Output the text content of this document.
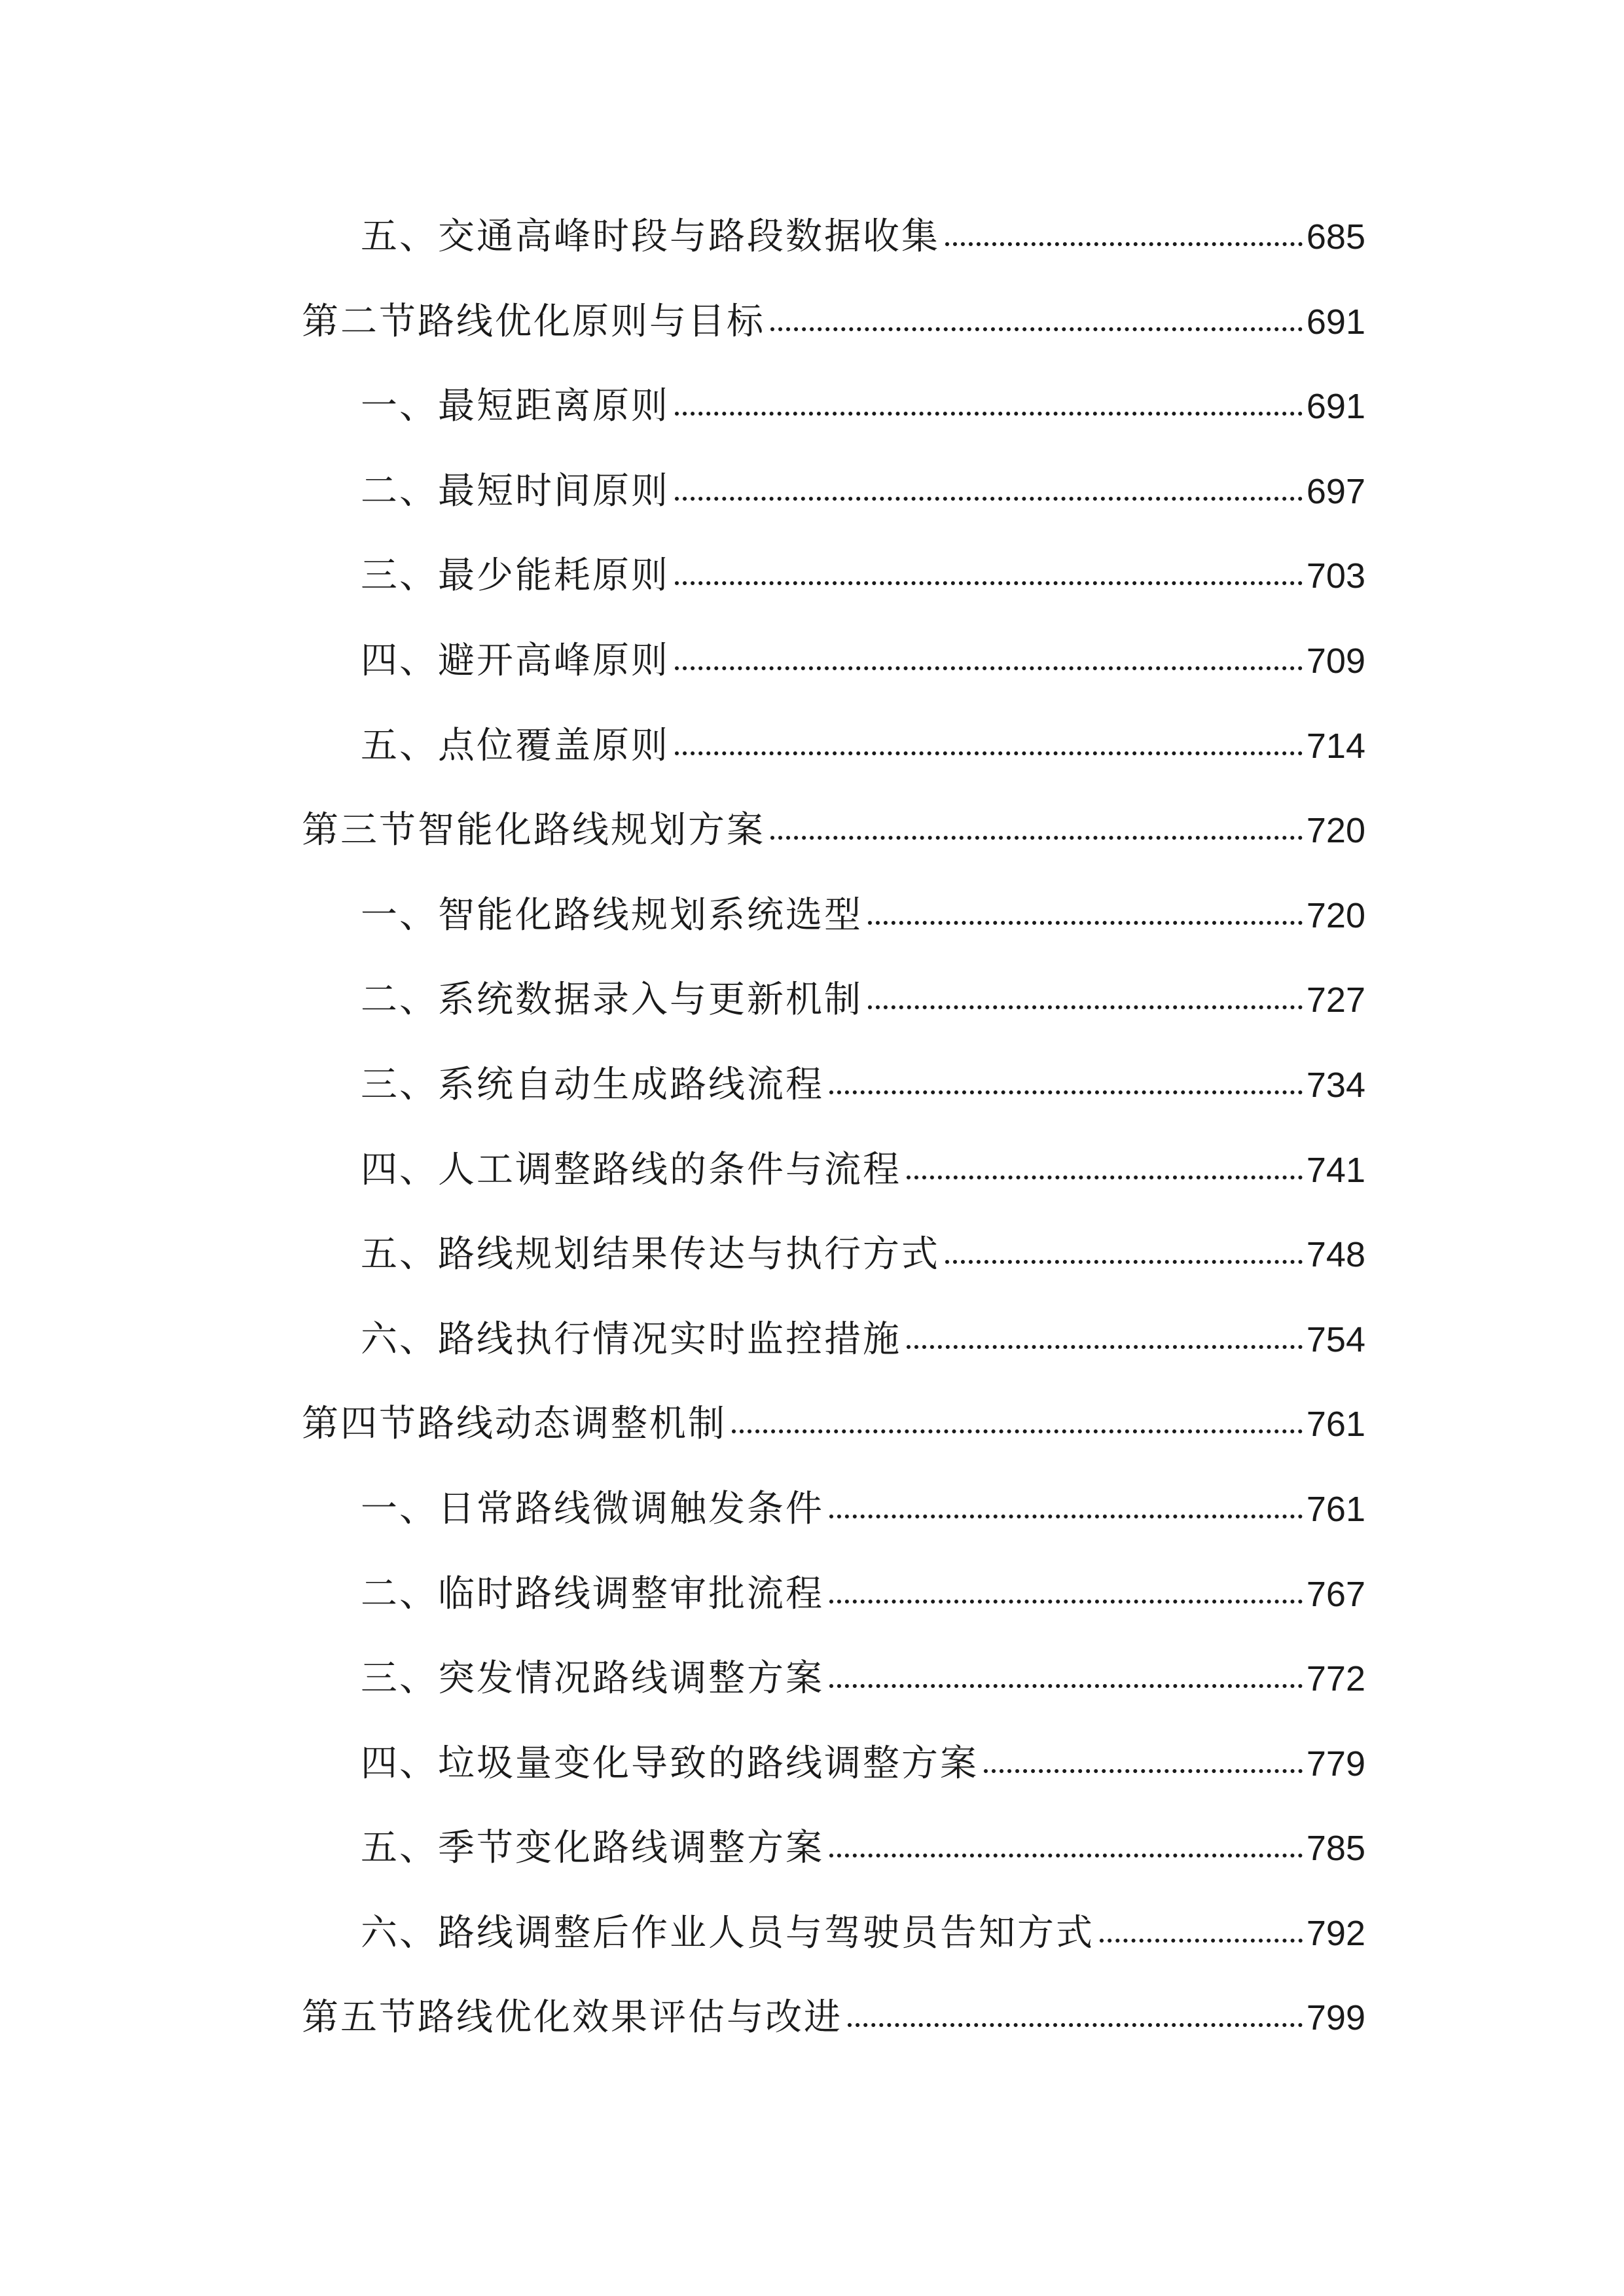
五、交通高峰时段与路段数据收集	685
第二节路线优化原则与目标	691
一、最短距离原则	691
二、最短时间原则	697
三、最少能耗原则	703
四、避开高峰原则	709
五、点位覆盖原则	714
第三节智能化路线规划方案	720
一、智能化路线规划系统选型	720
二、系统数据录入与更新机制	727
三、系统自动生成路线流程	734
四、人工调整路线的条件与流程	741
五、路线规划结果传达与执行方式	748
六、路线执行情况实时监控措施	754
第四节路线动态调整机制	761
一、日常路线微调触发条件	761
二、临时路线调整审批流程	767
三、突发情况路线调整方案	772
四、垃圾量变化导致的路线调整方案	779
五、季节变化路线调整方案	785
六、路线调整后作业人员与驾驶员告知方式	792
第五节路线优化效果评估与改进	799
